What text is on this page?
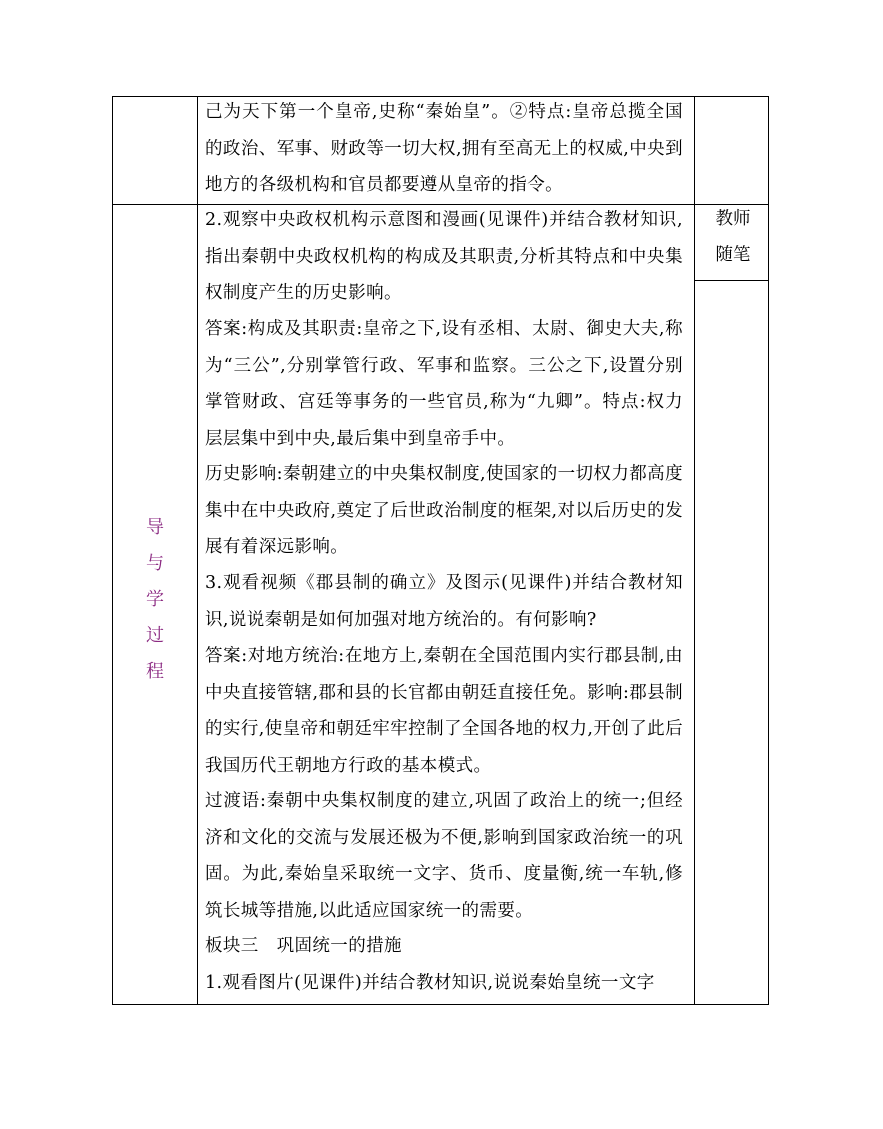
己为天下第一个皇帝,史称“秦始皇”。②特点:皇帝总揽全国的政治、军事、财政等一切大权,拥有至高无上的权威,中央到地方的各级机构和官员都要遵从皇帝的指令。
导
与
学
过
程
教师
随笔
2.观察中央政权机构示意图和漫画(见课件)并结合教材知识,指出秦朝中央政权机构的构成及其职责,分析其特点和中央集权制度产生的历史影响。
答案:构成及其职责:皇帝之下,设有丞相、太尉、御史大夫,称为“三公”,分别掌管行政、军事和监察。三公之下,设置分别掌管财政、宫廷等事务的一些官员,称为“九卿”。特点:权力层层集中到中央,最后集中到皇帝手中。
历史影响:秦朝建立的中央集权制度,使国家的一切权力都高度集中在中央政府,奠定了后世政治制度的框架,对以后历史的发展有着深远影响。
3.观看视频《郡县制的确立》及图示(见课件)并结合教材知识,说说秦朝是如何加强对地方统治的。有何影响?
答案:对地方统治:在地方上,秦朝在全国范围内实行郡县制,由中央直接管辖,郡和县的长官都由朝廷直接任免。影响:郡县制的实行,使皇帝和朝廷牢牢控制了全国各地的权力,开创了此后我国历代王朝地方行政的基本模式。
过渡语:秦朝中央集权制度的建立,巩固了政治上的统一;但经济和文化的交流与发展还极为不便,影响到国家政治统一的巩固。为此,秦始皇采取统一文字、货币、度量衡,统一车轨,修筑长城等措施,以此适应国家统一的需要。
板块三　巩固统一的措施
1.观看图片(见课件)并结合教材知识,说说秦始皇统一文字
